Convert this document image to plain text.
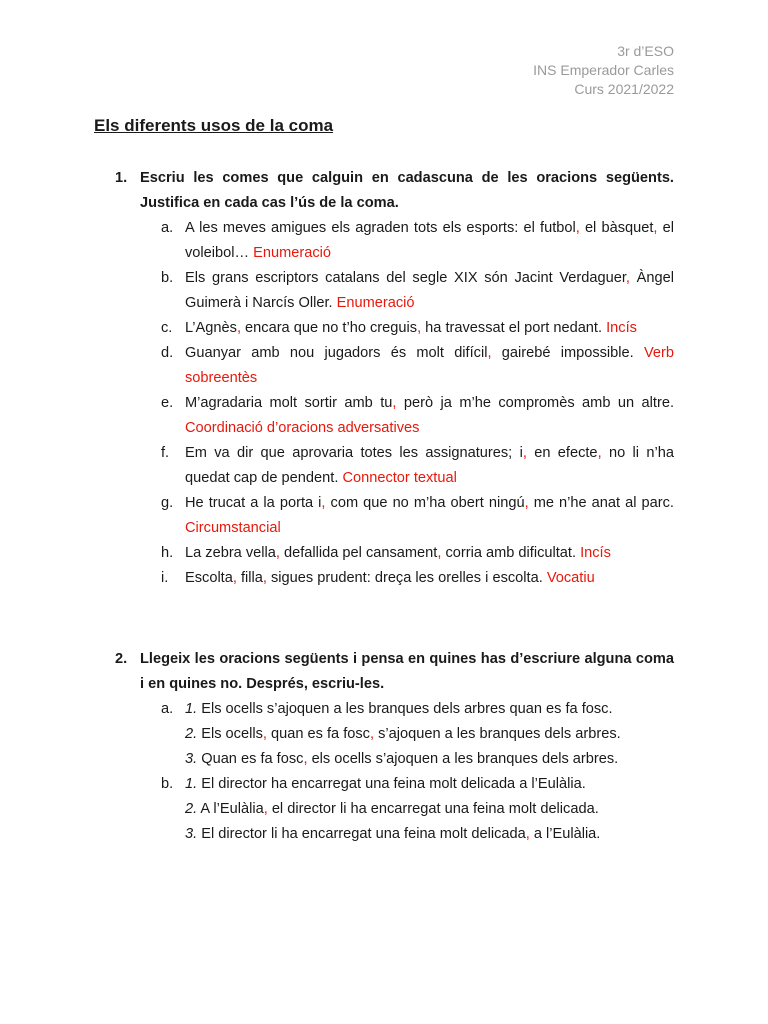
3r d’ESO
INS Emperador Carles
Curs 2021/2022
Els diferents usos de la coma
1. Escriu les comes que calguin en cadascuna de les oracions següents. Justifica en cada cas l’ús de la coma.
a. A les meves amigues els agraden tots els esports: el futbol, el bàsquet, el voleibol… Enumeració
b. Els grans escriptors catalans del segle XIX són Jacint Verdaguer, Àngel Guimerà i Narcís Oller. Enumeració
c. L’Agnès, encara que no t’ho creguis, ha travessat el port nedant. Incís
d. Guanyar amb nou jugadors és molt difícil, gairebé impossible. Verb sobreentès
e. M’agradaria molt sortir amb tu, però ja m’he compromès amb un altre. Coordinació d’oracions adversatives
f. Em va dir que aprovaria totes les assignatures; i, en efecte, no li n’ha quedat cap de pendent. Connector textual
g. He trucat a la porta i, com que no m’ha obert ningú, me n’he anat al parc. Circumstancial
h. La zebra vella, defallida pel cansament, corria amb dificultat. Incís
i. Escolta, filla, sigues prudent: dreça les orelles i escolta. Vocatiu
2. Llegeix les oracions següents i pensa en quines has d’escriure alguna coma i en quines no. Després, escriu-les.
a. 1. Els ocells s’ajoquen a les branques dels arbres quan es fa fosc.
2. Els ocells, quan es fa fosc, s’ajoquen a les branques dels arbres.
3. Quan es fa fosc, els ocells s’ajoquen a les branques dels arbres.
b. 1. El director ha encarregat una feina molt delicada a l’Eulàlia.
2. A l’Eulàlia, el director li ha encarregat una feina molt delicada.
3. El director li ha encarregat una feina molt delicada, a l’Eulàlia.
